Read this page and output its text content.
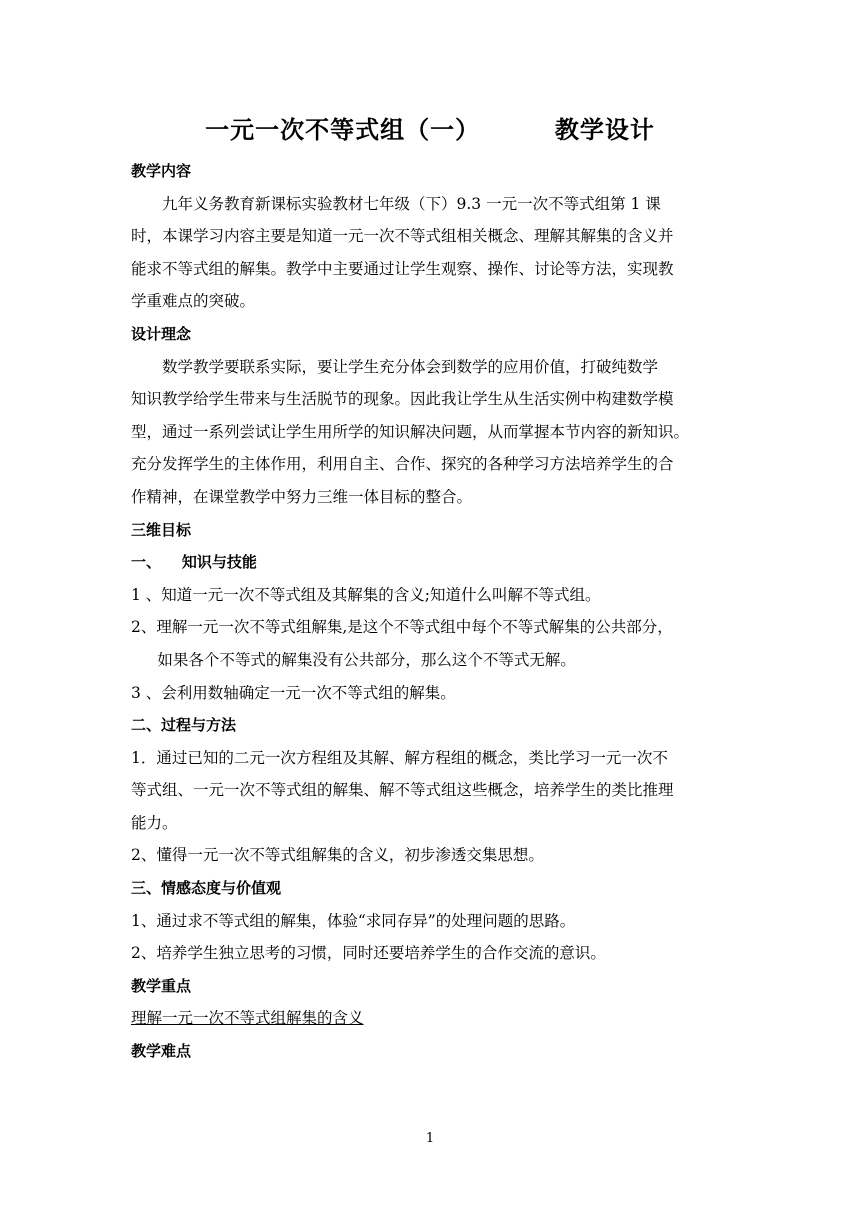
一元一次不等式组（一）        教学设计

教学内容

九年义务教育新课标实验教材七年级（下）9.3 一元一次不等式组第 1 课

时，本课学习内容主要是知道一元一次不等式组相关概念、理解其解集的含义并

能求不等式组的解集。教学中主要通过让学生观察、操作、讨论等方法，实现教

学重难点的突破。

设计理念

数学教学要联系实际，要让学生充分体会到数学的应用价值，打破纯数学

知识教学给学生带来与生活脱节的现象。因此我让学生从生活实例中构建数学模

型，通过一系列尝试让学生用所学的知识解决问题，从而掌握本节内容的新知识。

充分发挥学生的主体作用，利用自主、合作、探究的各种学习方法培养学生的合

作精神，在课堂教学中努力三维一体目标的整合。

三维目标

一、    知识与技能

1 、知道一元一次不等式组及其解集的含义;知道什么叫解不等式组。

2、理解一元一次不等式组解集,是这个不等式组中每个不等式解集的公共部分，

如果各个不等式的解集没有公共部分，那么这个不等式无解。

3 、会利用数轴确定一元一次不等式组的解集。

二、过程与方法

1．通过已知的二元一次方程组及其解、解方程组的概念，类比学习一元一次不

等式组、一元一次不等式组的解集、解不等式组这些概念，培养学生的类比推理

能力。

2、懂得一元一次不等式组解集的含义，初步渗透交集思想。

三、情感态度与价值观

1、通过求不等式组的解集，体验“求同存异”的处理问题的思路。

2、培养学生独立思考的习惯，同时还要培养学生的合作交流的意识。

教学重点

理解一元一次不等式组解集的含义

教学难点

1
